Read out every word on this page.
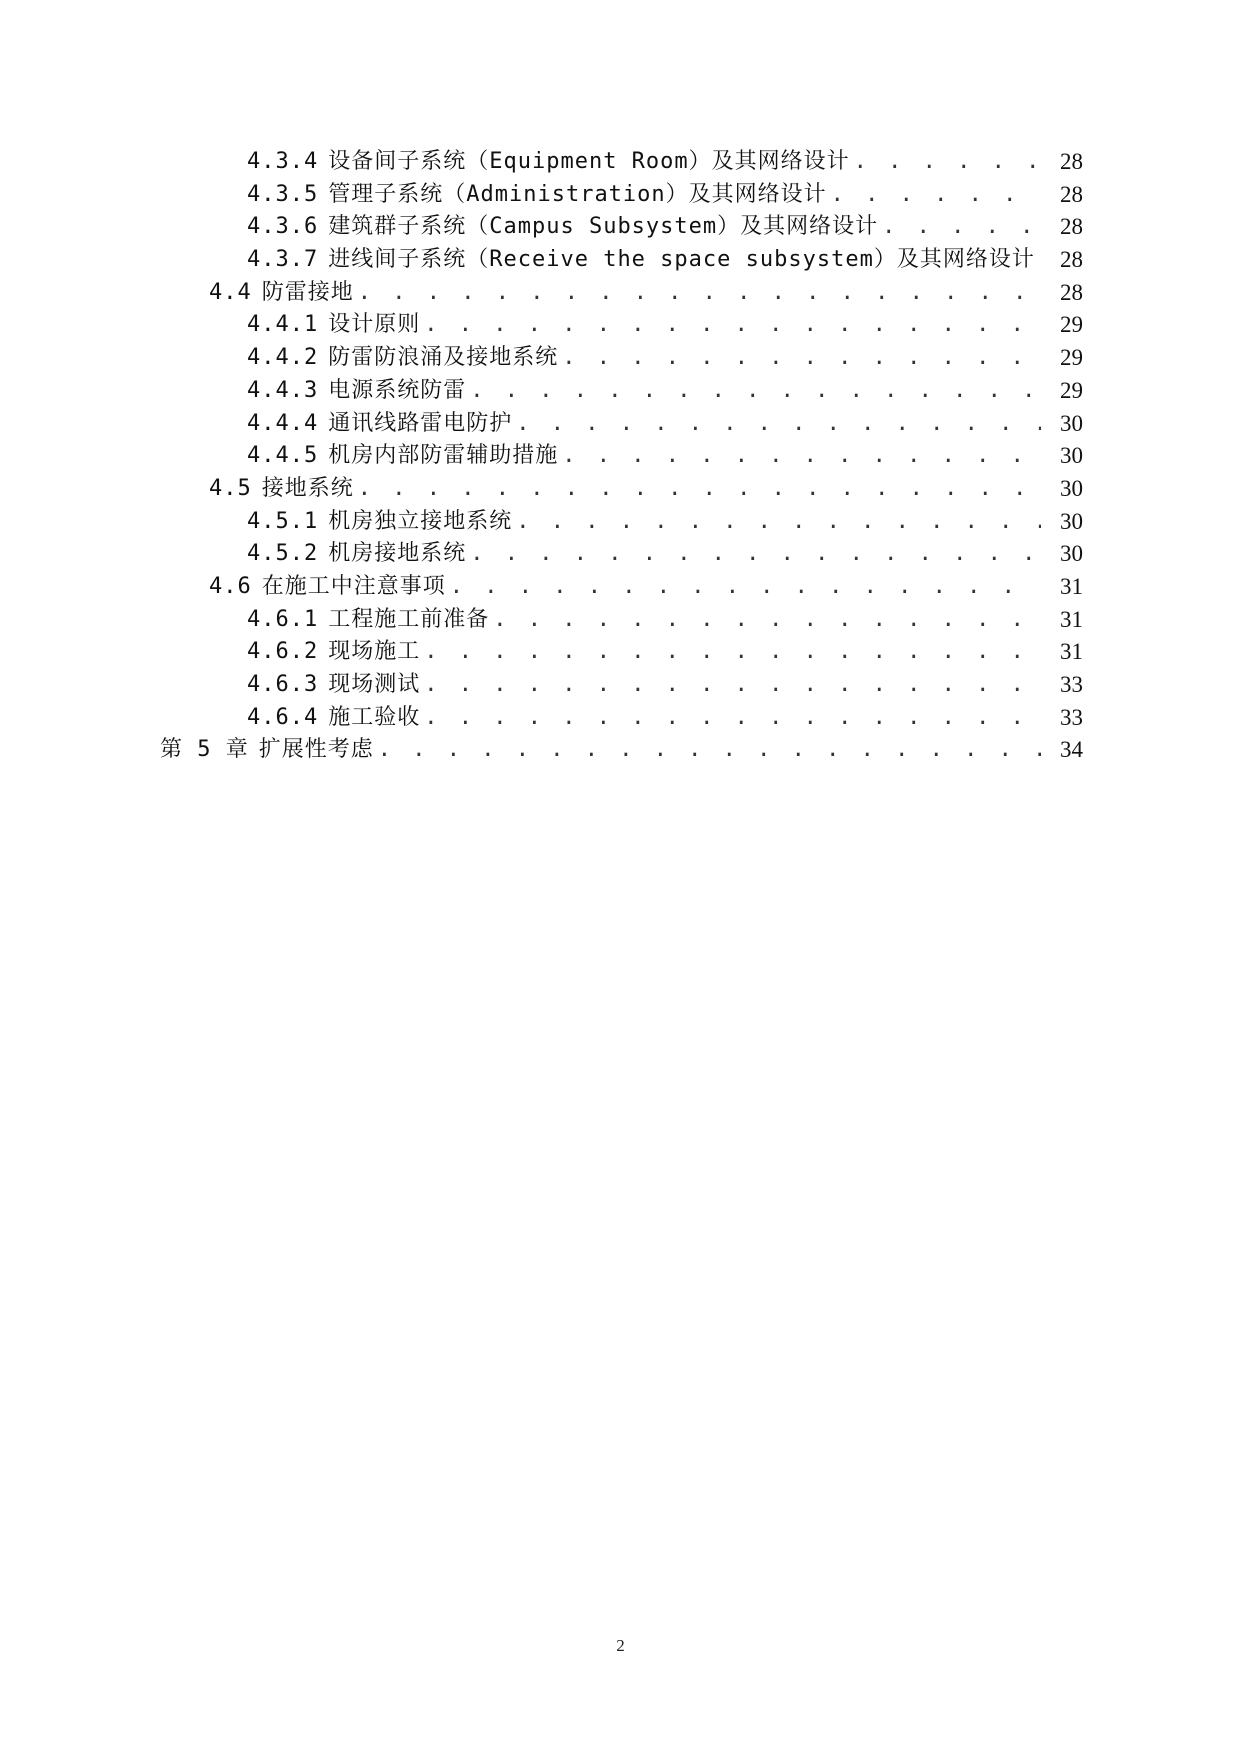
4.3.4 设备间子系统（Equipment Room）及其网络设计 . . .	28
4.3.5 管理子系统（Administration）及其网络设计 . . .	28
4.3.6 建筑群子系统（Campus Subsystem）及其网络设计 . . .	28
4.3.7 进线间子系统（Receive the space subsystem）及其网络设计 . . .	28
4.4 防雷接地 . . .	28
4.4.1 设计原则 . . .	29
4.4.2 防雷防浪涌及接地系统 . . .	29
4.4.3 电源系统防雷 . . .	29
4.4.4 通讯线路雷电防护 . . .	30
4.4.5 机房内部防雷辅助措施 . . .	30
4.5 接地系统 . . .	30
4.5.1 机房独立接地系统 . . .	30
4.5.2 机房接地系统 . . .	30
4.6 在施工中注意事项 . . .	31
4.6.1 工程施工前准备 . . .	31
4.6.2 现场施工 . . .	31
4.6.3 现场测试 . . .	33
4.6.4 施工验收 . . .	33
第 5 章 扩展性考虑 . . .	34
2
